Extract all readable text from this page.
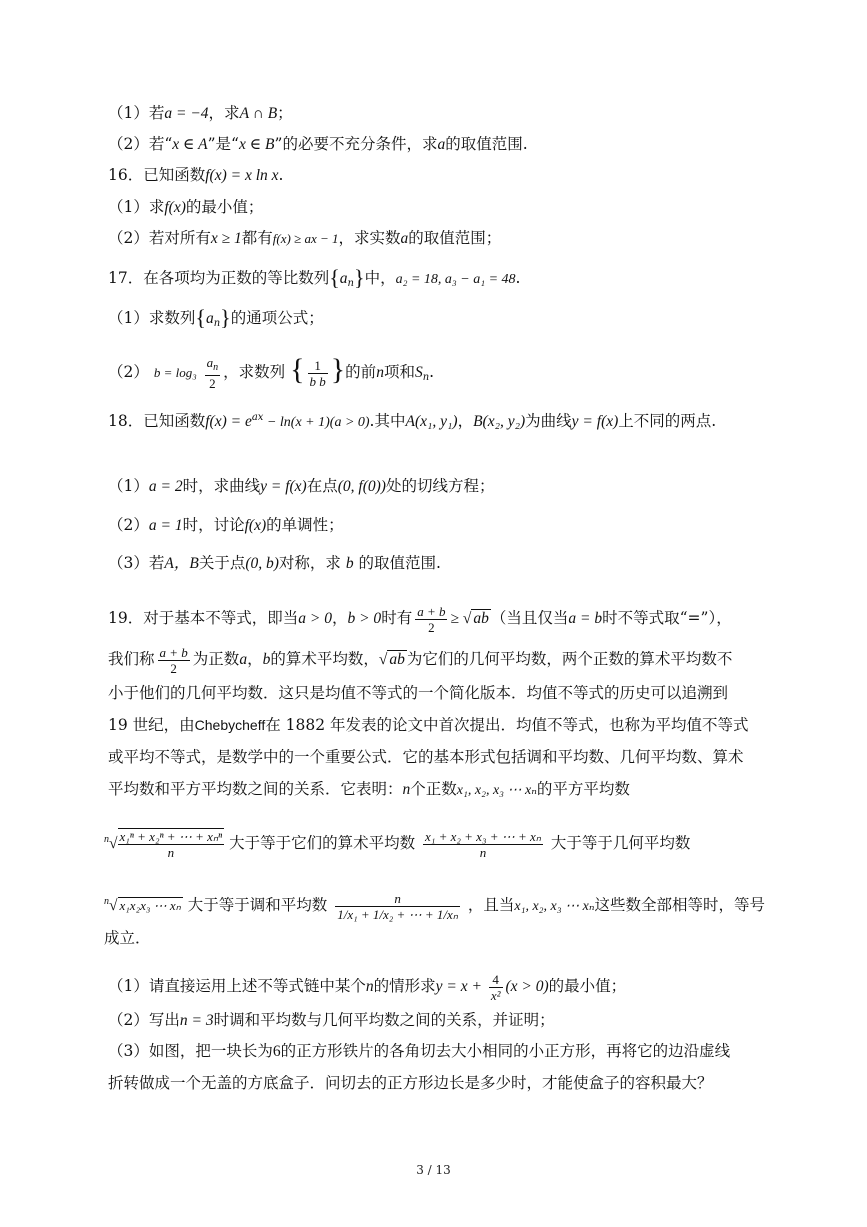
（1）若a = −4，求A ∩ B；
（2）若“x ∈ A”是“x ∈ B”的必要不充分条件，求a的取值范围.
16．已知函数f(x) = x ln x.
（1）求f(x)的最小值；
（2）若对所有x ≥ 1都有f(x) ≥ ax − 1，求实数a的取值范围；
17．在各项均为正数的等比数列$\{a_n\}$中，a₂ = 18, a₃ − a₁ = 48.
（1）求数列$\{a_n\}$的通项公式；
（2） $b = \log_3 \frac{a_n}{2}$ ，求数列 { $\frac{1}{\text{b b}}$ }的前n项和$S_n$.
18．已知函数$f(x) = e^{ax} - \ln(x + 1)(a > 0)$.其中A(x₁, y₁)，B(x₂, y₂)为曲线y = f(x)上不同的两点.
（1）a = 2时，求曲线y = f(x)在点(0, f(0))处的切线方程；
（2）a = 1时，讨论f(x)的单调性；
（3）若A，B关于点(0, b)对称，求 b 的取值范围.
19．对于基本不等式，即当a > 0，b > 0时有 $\frac{a + b}{2}$ ≥ √ ab （当且仅当a = b时不等式取“=”），
我们称 $\frac{a + b}{2}$ 为正数a，b的算术平均数，√ ab 为它们的几何平均数，两个正数的算术平均数不
小于他们的几何平均数．这只是均值不等式的一个简化版本．均值不等式的历史可以追溯到
19 世纪，由Chebycheff在 1882 年发表的论文中首次提出．均值不等式，也称为平均值不等式
或平均不等式，是数学中的一个重要公式．它的基本形式包括调和平均数、几何平均数、算术
平均数和平方平均数之间的关系．它表明：n个正数x₁, x₂, x₃ ⋯ xₙ的平方平均数
$^n√ \frac{\text{x₁ⁿ + x₂ⁿ + ⋯ + xₙⁿ}}{n}$ 大于等于它们的算术平均数 $\frac{\text{x₁ + x₂ + x₃ + ⋯ + xₙ}}{n}$ 大于等于几何平均数
$^n$√ x₁x₂x₃ ⋯ xₙ 大于等于调和平均数 $\frac{n}{\text{1/x₁ + 1/x₂ + ⋯ + 1/xₙ}}$ ，且当x₁, x₂, x₃ ⋯ xₙ这些数全部相等时，等号
成立．
（1）请直接运用上述不等式链中某个n的情形求$y = x + \frac{4}{\text{x²}} (x > 0)$的最小值；
（2）写出n = 3时调和平均数与几何平均数之间的关系，并证明；
（3）如图，把一块长为6的正方形铁片的各角切去大小相同的小正方形，再将它的边沿虚线
折转做成一个无盖的方底盒子．问切去的正方形边长是多少时，才能使盒子的容积最大？
3 / 13
